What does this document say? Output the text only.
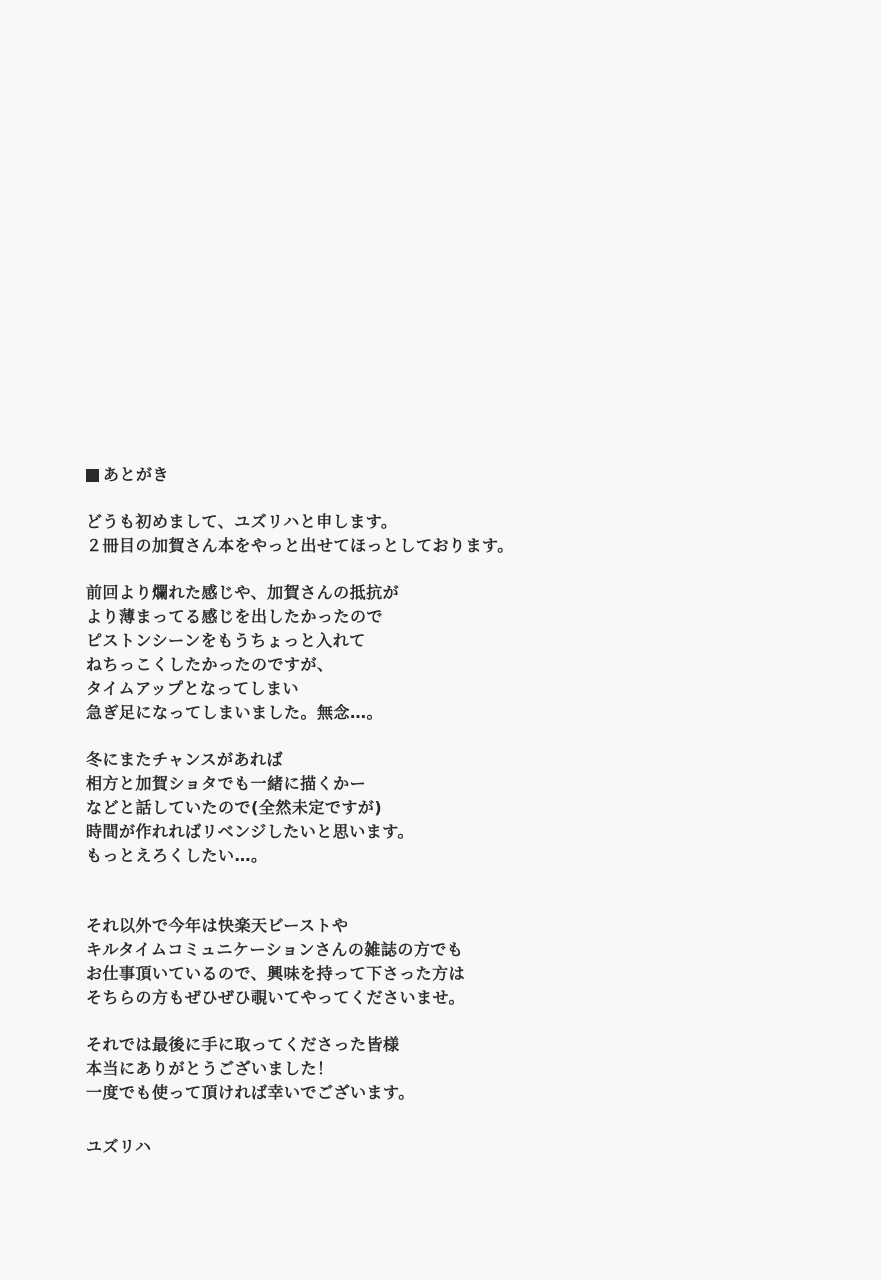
あとがき
どうも初めまして、ユズリハと申します。
２冊目の加賀さん本をやっと出せてほっとしております。
前回より爛れた感じや、加賀さんの抵抗が
より薄まってる感じを出したかったので
ピストンシーンをもうちょっと入れて
ねちっこくしたかったのですが、
タイムアップとなってしまい
急ぎ足になってしまいました。無念…。
冬にまたチャンスがあれば
相方と加賀ショタでも一緒に描くかー
などと話していたので(全然未定ですが)
時間が作れればリベンジしたいと思います。
もっとえろくしたい…。
それ以外で今年は快楽天ビーストや
キルタイムコミュニケーションさんの雑誌の方でも
お仕事頂いているので、興味を持って下さった方は
そちらの方もぜひぜひ覗いてやってくださいませ。
それでは最後に手に取ってくださった皆様
本当にありがとうございました！
一度でも使って頂ければ幸いでございます。
ユズリハ
